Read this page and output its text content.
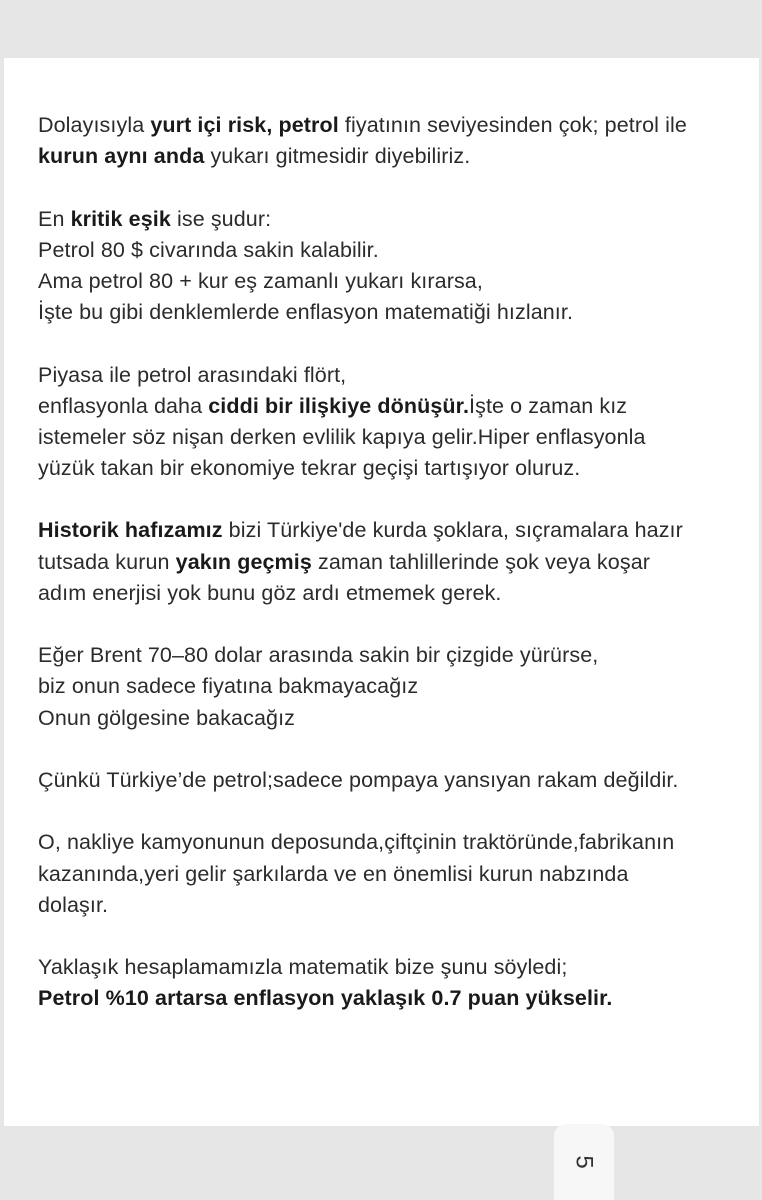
Dolayısıyla yurt içi risk, petrol fiyatının seviyesinden çok; petrol ile
kurun aynı anda yukarı gitmesidir diyebiliriz.
En kritik eşik ise şudur:
Petrol 80 $ civarında sakin kalabilir.
Ama petrol 80 + kur eş zamanlı yukarı kırarsa,
İşte bu gibi denklemlerde enflasyon matematiği hızlanır.
Piyasa ile petrol arasındaki flört,
enflasyonla daha ciddi bir ilişkiye dönüşür.İşte o zaman kız
istemeler söz nişan derken evlilik kapıya gelir.Hiper enflasyonla
yüzük takan bir ekonomiye tekrar geçişi tartışıyor oluruz.
Historik hafızamız bizi Türkiye'de kurda şoklara, sıçramalara hazır
tutsada kurun yakın geçmiş zaman tahlillerinde şok veya koşar
adım enerjisi yok bunu göz ardı etmemek gerek.
Eğer Brent 70–80 dolar arasında sakin bir çizgide yürürse,
biz onun sadece fiyatına bakmayacağız
Onun gölgesine bakacağız
Çünkü Türkiye’de petrol;sadece pompaya yansıyan rakam değildir.
O, nakliye kamyonunun deposunda,çiftçinin traktöründe,fabrikanın
kazanında,yeri gelir şarkılarda ve en önemlisi kurun nabzında
dolaşır.
Yaklaşık hesaplamamızla matematik bize şunu söyledi;
Petrol %10 artarsa enflasyon yaklaşık 0.7 puan yükselir.
5
